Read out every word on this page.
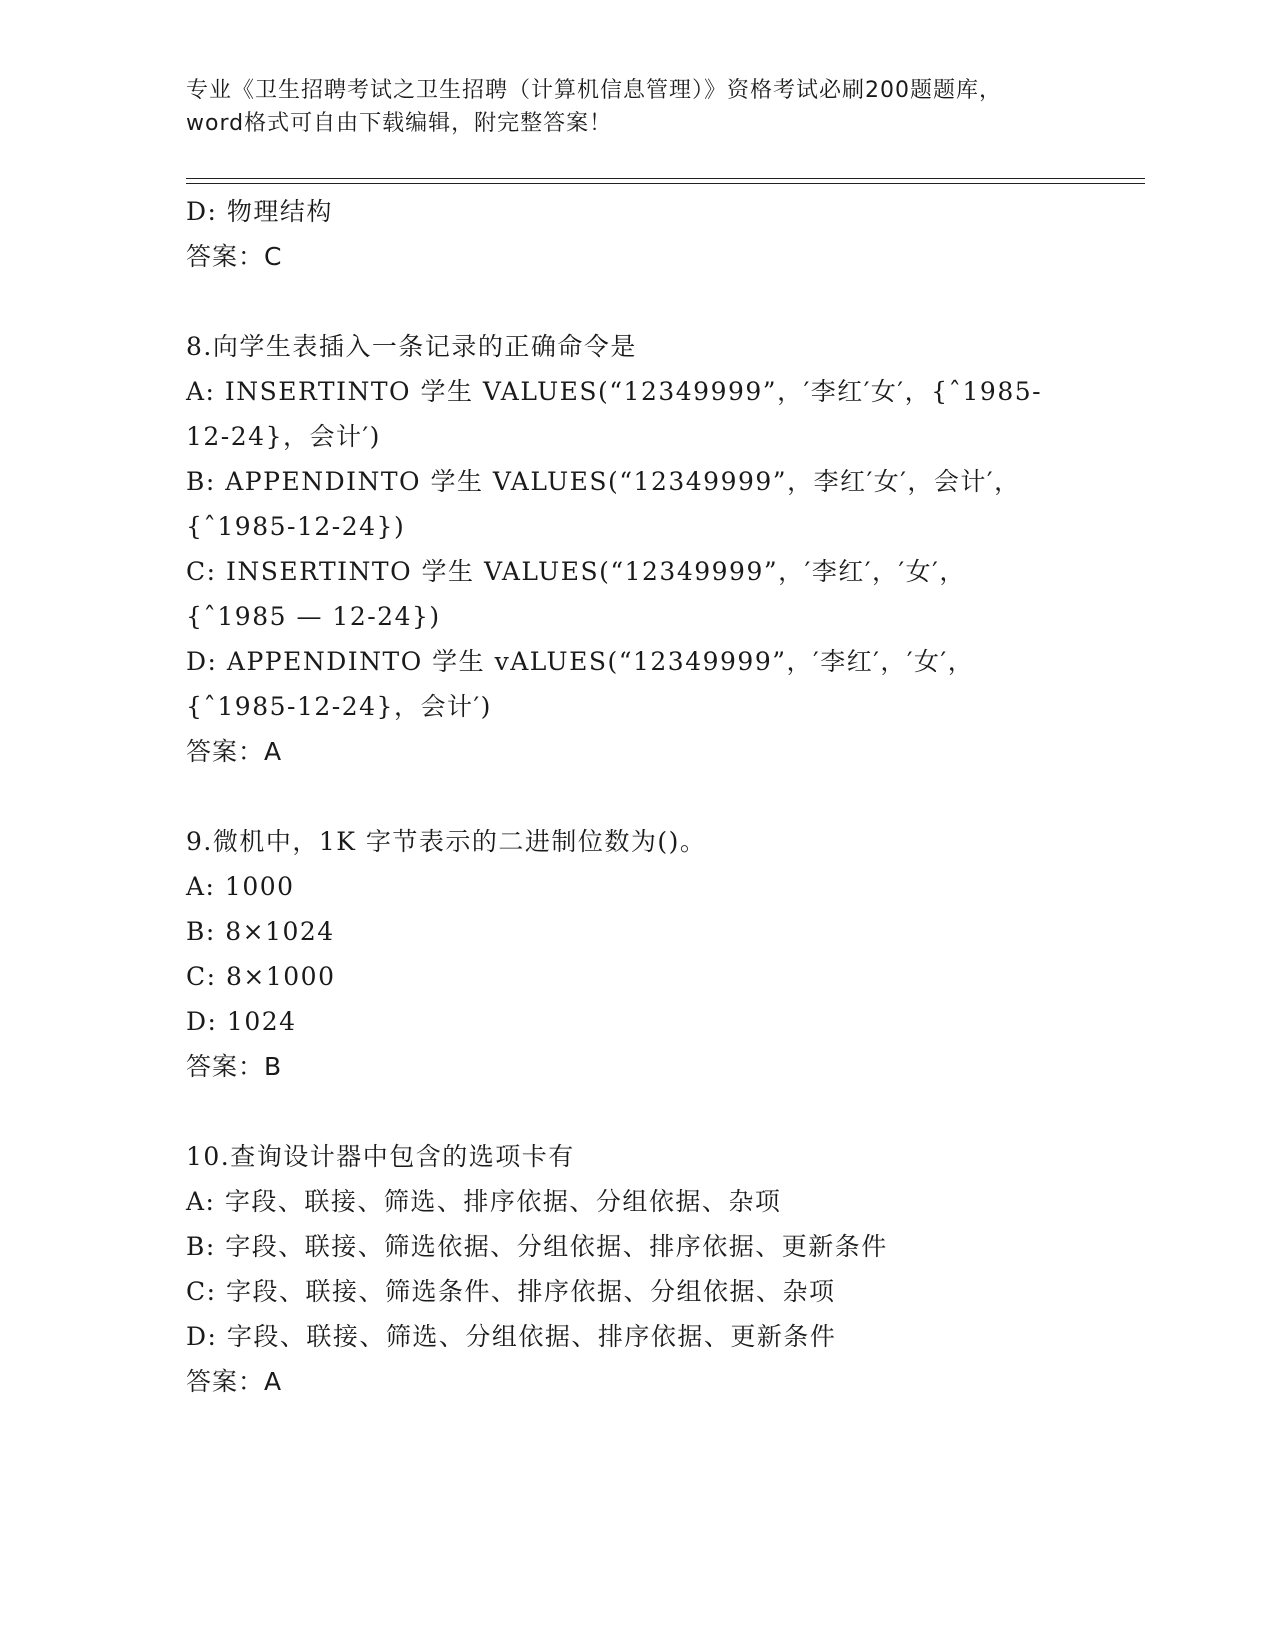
专业《卫生招聘考试之卫生招聘（计算机信息管理）》资格考试必刷200题题库，
word格式可自由下载编辑，附完整答案！
D: 物理结构
答案：C
8.向学生表插入一条记录的正确命令是
A: INSERTINTO 学生 VALUES(“12349999”，′李红′女′，{ˆ1985-
12-24}，会计′)
B: APPENDINTO 学生 VALUES(“12349999”，李红′女′，会计′，
{ˆ1985-12-24})
C: INSERTINTO 学生 VALUES(“12349999”，′李红′，′女′，
{ˆ1985 — 12-24})
D: APPENDINTO 学生 vALUES(“12349999”，′李红′，′女′，
{ˆ1985-12-24}，会计′)
答案：A
9.微机中，1K 字节表示的二进制位数为()。
A: 1000
B: 8×1024
C: 8×1000
D: 1024
答案：B
10.查询设计器中包含的选项卡有
A: 字段、联接、筛选、排序依据、分组依据、杂项
B: 字段、联接、筛选依据、分组依据、排序依据、更新条件
C: 字段、联接、筛选条件、排序依据、分组依据、杂项
D: 字段、联接、筛选、分组依据、排序依据、更新条件
答案：A
